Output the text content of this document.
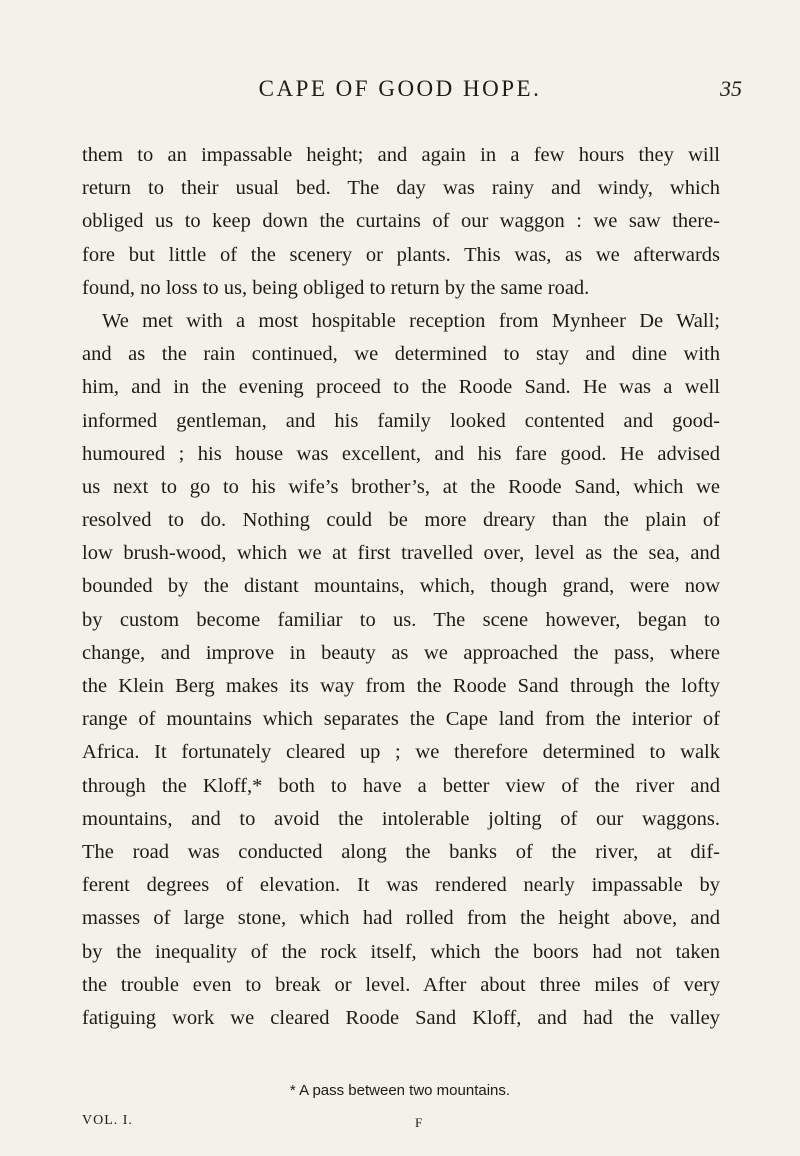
CAPE OF GOOD HOPE.	35
them to an impassable height; and again in a few hours they will
return to their usual bed. The day was rainy and windy, which
obliged us to keep down the curtains of our waggon : we saw there-
fore but little of the scenery or plants. This was, as we afterwards
found, no loss to us, being obliged to return by the same road.
We met with a most hospitable reception from Mynheer De Wall;
and as the rain continued, we determined to stay and dine with
him, and in the evening proceed to the Roode Sand. He was a well
informed gentleman, and his family looked contented and good-
humoured ; his house was excellent, and his fare good. He advised
us next to go to his wife’s brother’s, at the Roode Sand, which we
resolved to do. Nothing could be more dreary than the plain of
low brush-wood, which we at first travelled over, level as the sea, and
bounded by the distant mountains, which, though grand, were now
by custom become familiar to us. The scene however, began to
change, and improve in beauty as we approached the pass, where
the Klein Berg makes its way from the Roode Sand through the lofty
range of mountains which separates the Cape land from the interior of
Africa. It fortunately cleared up ; we therefore determined to walk
through the Kloff,* both to have a better view of the river and
mountains, and to avoid the intolerable jolting of our waggons.
The road was conducted along the banks of the river, at dif-
ferent degrees of elevation. It was rendered nearly impassable by
masses of large stone, which had rolled from the height above, and
by the inequality of the rock itself, which the boors had not taken
the trouble even to break or level. After about three miles of very
fatiguing work we cleared Roode Sand Kloff, and had the valley
* A pass between two mountains.
VOL. I.	F
